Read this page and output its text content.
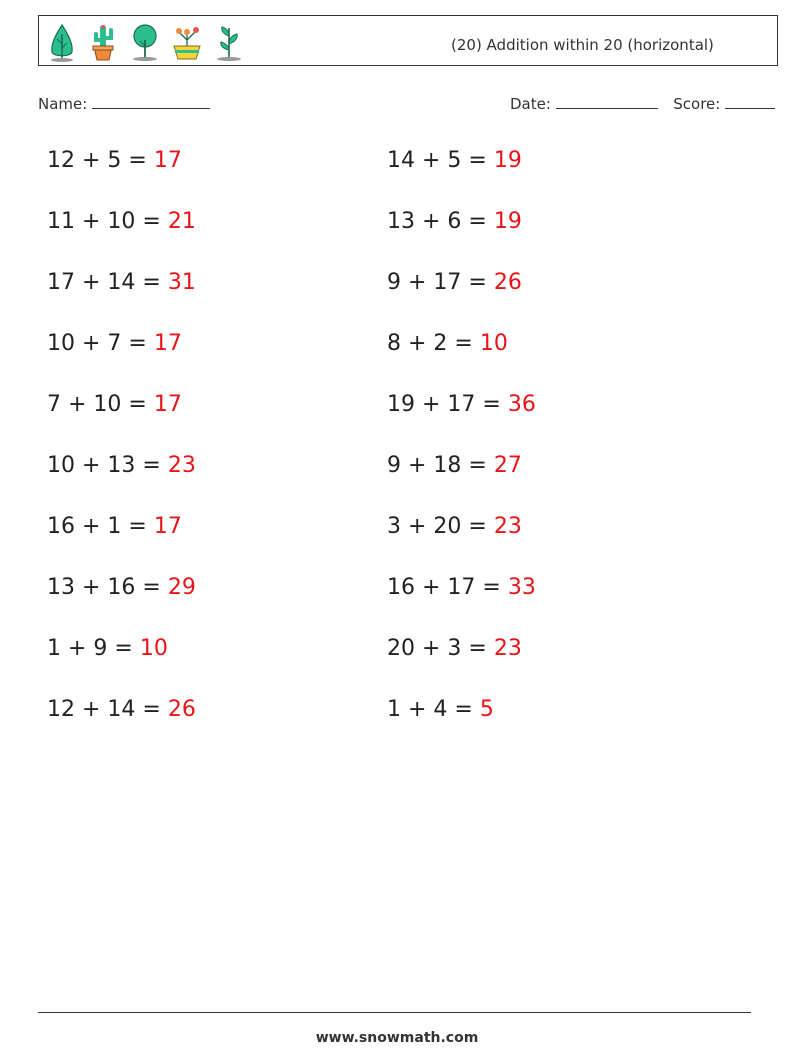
(20) Addition within 20 (horizontal)
Name:	Date:	Score:
12 + 5 = 17	14 + 5 = 19
11 + 10 = 21	13 + 6 = 19
17 + 14 = 31	9 + 17 = 26
10 + 7 = 17	8 + 2 = 10
7 + 10 = 17	19 + 17 = 36
10 + 13 = 23	9 + 18 = 27
16 + 1 = 17	3 + 20 = 23
13 + 16 = 29	16 + 17 = 33
1 + 9 = 10	20 + 3 = 23
12 + 14 = 26	1 + 4 = 5
www.snowmath.com
